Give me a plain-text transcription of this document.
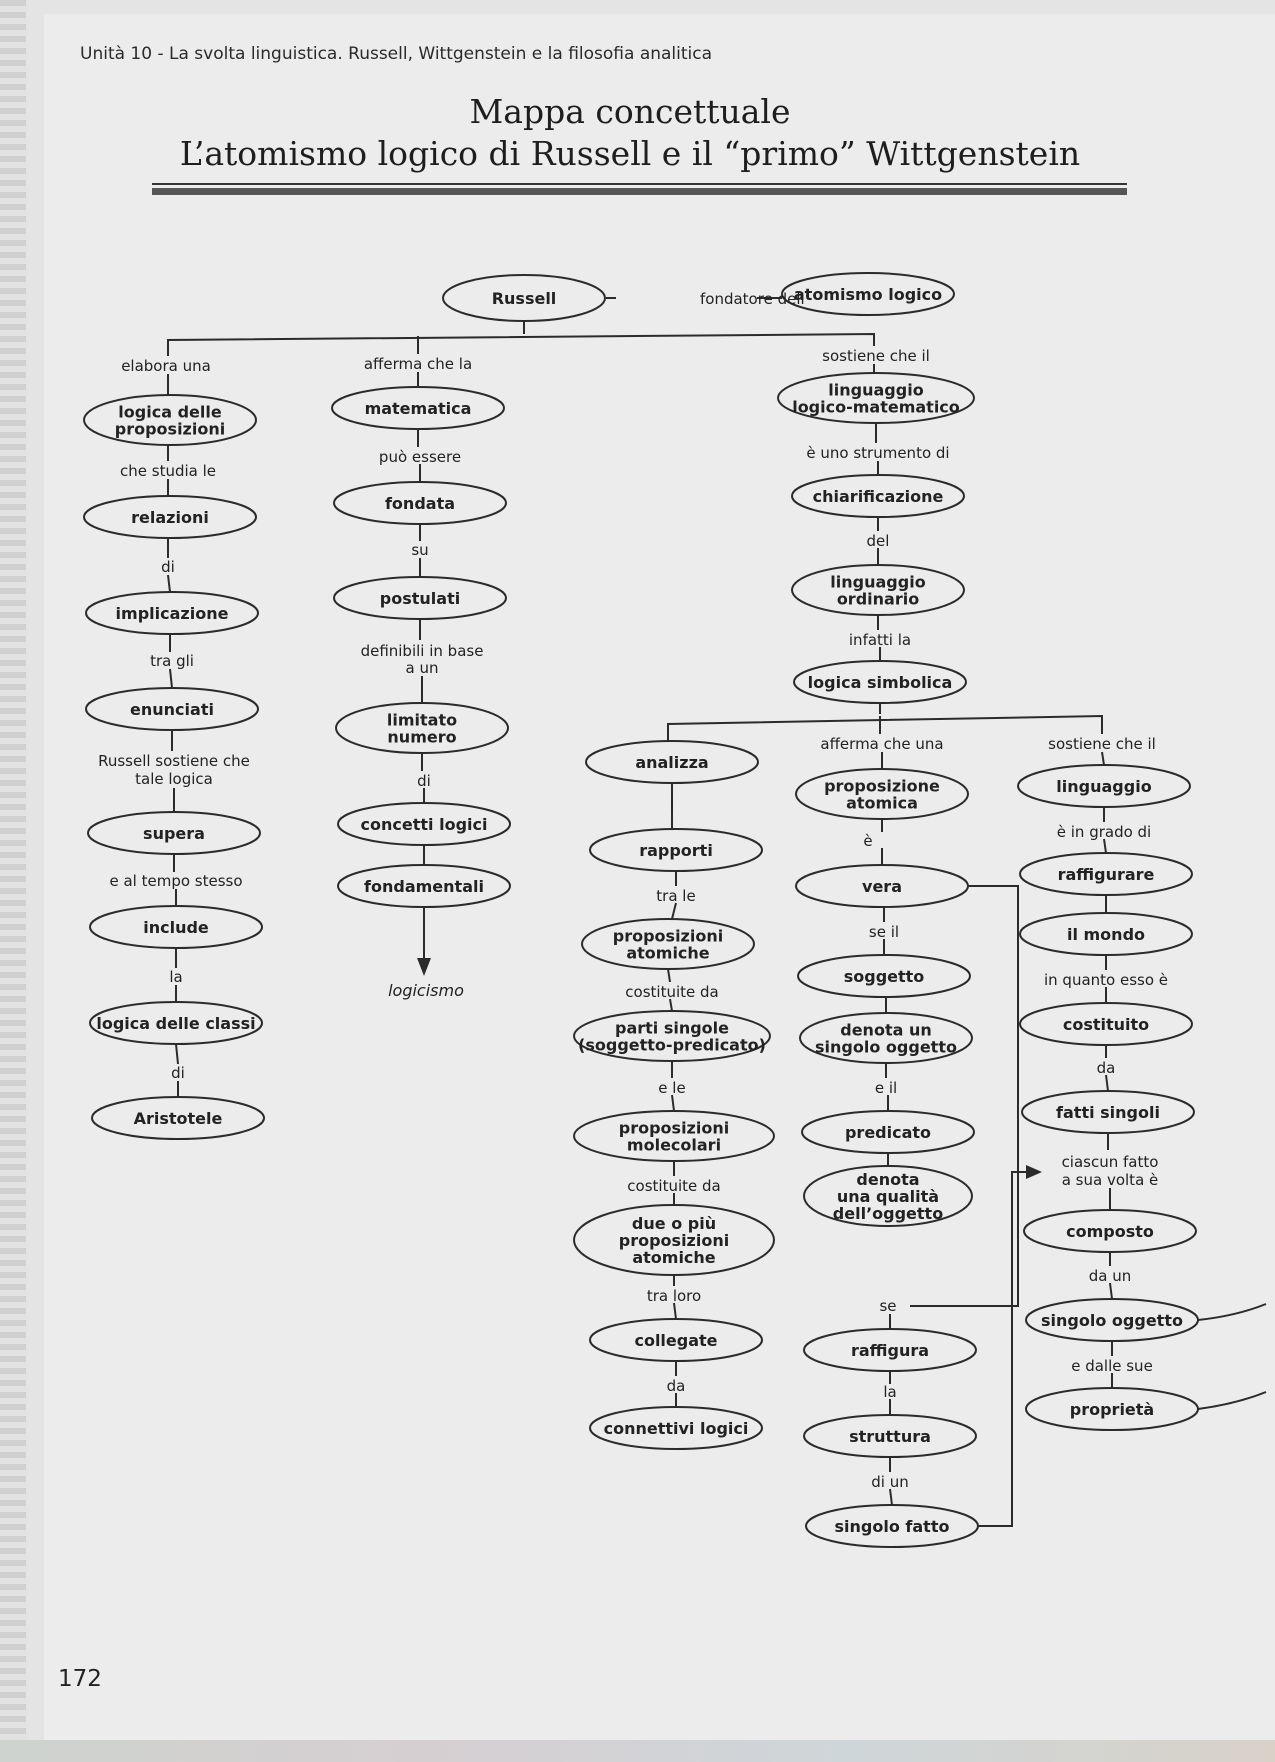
Unità 10 - La svolta linguistica. Russell, Wittgenstein e la filosofia analitica
Mappa concettuale
L’atomismo logico di Russell e il “primo” Wittgenstein
Russell	atomismo logico
logica delle
proposizioni
relazioni
implicazione
enunciati
supera
include
logica delle classi
Aristotele
matematica
fondata
postulati
limitato
numero
concetti logici
fondamentali
linguaggio
logico-matematico
chiarificazione
linguaggio
ordinario
logica simbolica
analizza
rapporti
proposizioni
atomiche
parti singole
(soggetto-predicato)
proposizioni
molecolari
due o più
proposizioni
atomiche
collegate
connettivi logici
proposizione
atomica
vera
soggetto
denota un
singolo oggetto
predicato
denota
una qualità
dell’oggetto
raffigura
struttura
singolo fatto
linguaggio
raffigurare
il mondo
costituito
fatti singoli
composto
singolo oggetto
proprietà
fondatore dell’
elabora una	afferma che la	sostiene che il
che studia le
di
tra gli
Russell sostiene che
tale logica
e al tempo stesso
la
di
può essere
su
definibili in base
a un
di
logicismo
è uno strumento di
del
infatti la
afferma che una	sostiene che il
i
tra le
costituite da
e le
costituite da
tra loro
da
è
se il
e il
se
la
di un
è in grado di
in quanto esso è
da
ciascun fatto
a sua volta è
da un
e dalle sue
172
